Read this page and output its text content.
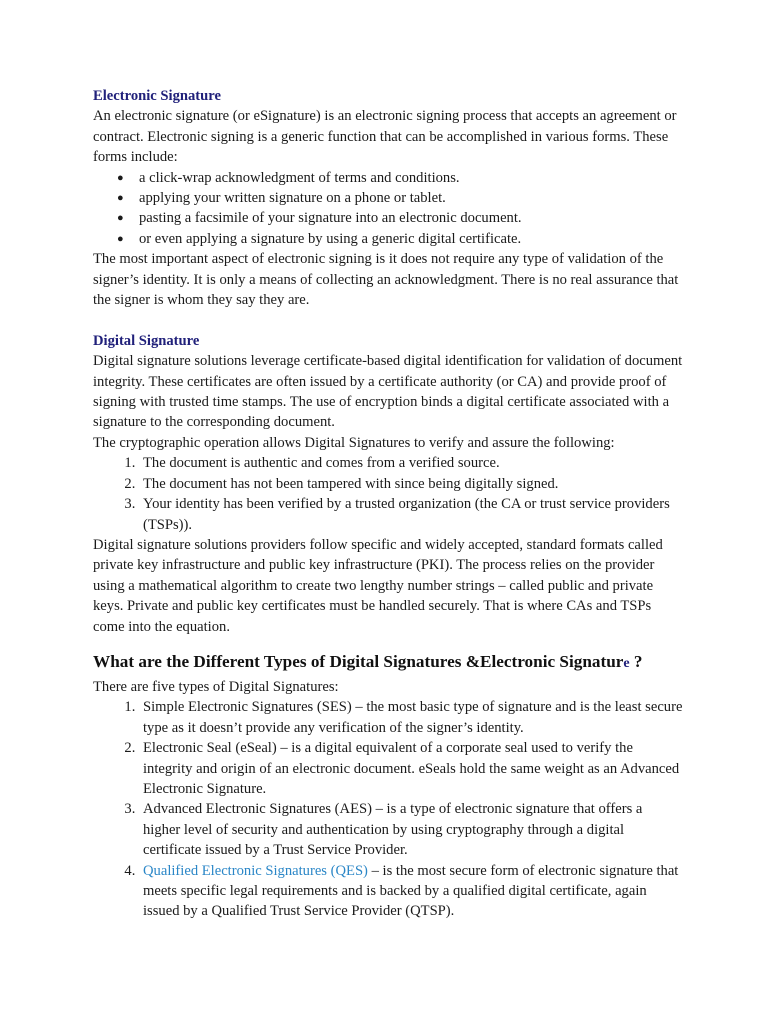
Electronic Signature

An electronic signature (or eSignature) is an electronic signing process that accepts an agreement or contract. Electronic signing is a generic function that can be accomplished in various forms. These forms include:

● a click-wrap acknowledgment of terms and conditions.
● applying your written signature on a phone or tablet.
● pasting a facsimile of your signature into an electronic document.
● or even applying a signature by using a generic digital certificate.

The most important aspect of electronic signing is it does not require any type of validation of the signer’s identity. It is only a means of collecting an acknowledgment. There is no real assurance that the signer is whom they say they are.

Digital Signature

Digital signature solutions leverage certificate-based digital identification for validation of document integrity. These certificates are often issued by a certificate authority (or CA) and provide proof of signing with trusted time stamps. The use of encryption binds a digital certificate associated with a signature to the corresponding document.

The cryptographic operation allows Digital Signatures to verify and assure the following:

1. The document is authentic and comes from a verified source.
2. The document has not been tampered with since being digitally signed.
3. Your identity has been verified by a trusted organization (the CA or trust service providers (TSPs)).

Digital signature solutions providers follow specific and widely accepted, standard formats called private key infrastructure and public key infrastructure (PKI). The process relies on the provider using a mathematical algorithm to create two lengthy number strings – called public and private keys. Private and public key certificates must be handled securely. That is where CAs and TSPs come into the equation.

What are the Different Types of Digital Signatures &Electronic Signature ?

There are five types of Digital Signatures:

1. Simple Electronic Signatures (SES) – the most basic type of signature and is the least secure type as it doesn’t provide any verification of the signer’s identity.
2. Electronic Seal (eSeal) – is a digital equivalent of a corporate seal used to verify the integrity and origin of an electronic document. eSeals hold the same weight as an Advanced Electronic Signature.
3. Advanced Electronic Signatures (AES) – is a type of electronic signature that offers a higher level of security and authentication by using cryptography through a digital certificate issued by a Trust Service Provider.
4. Qualified Electronic Signatures (QES) – is the most secure form of electronic signature that meets specific legal requirements and is backed by a qualified digital certificate, again issued by a Qualified Trust Service Provider (QTSP).
